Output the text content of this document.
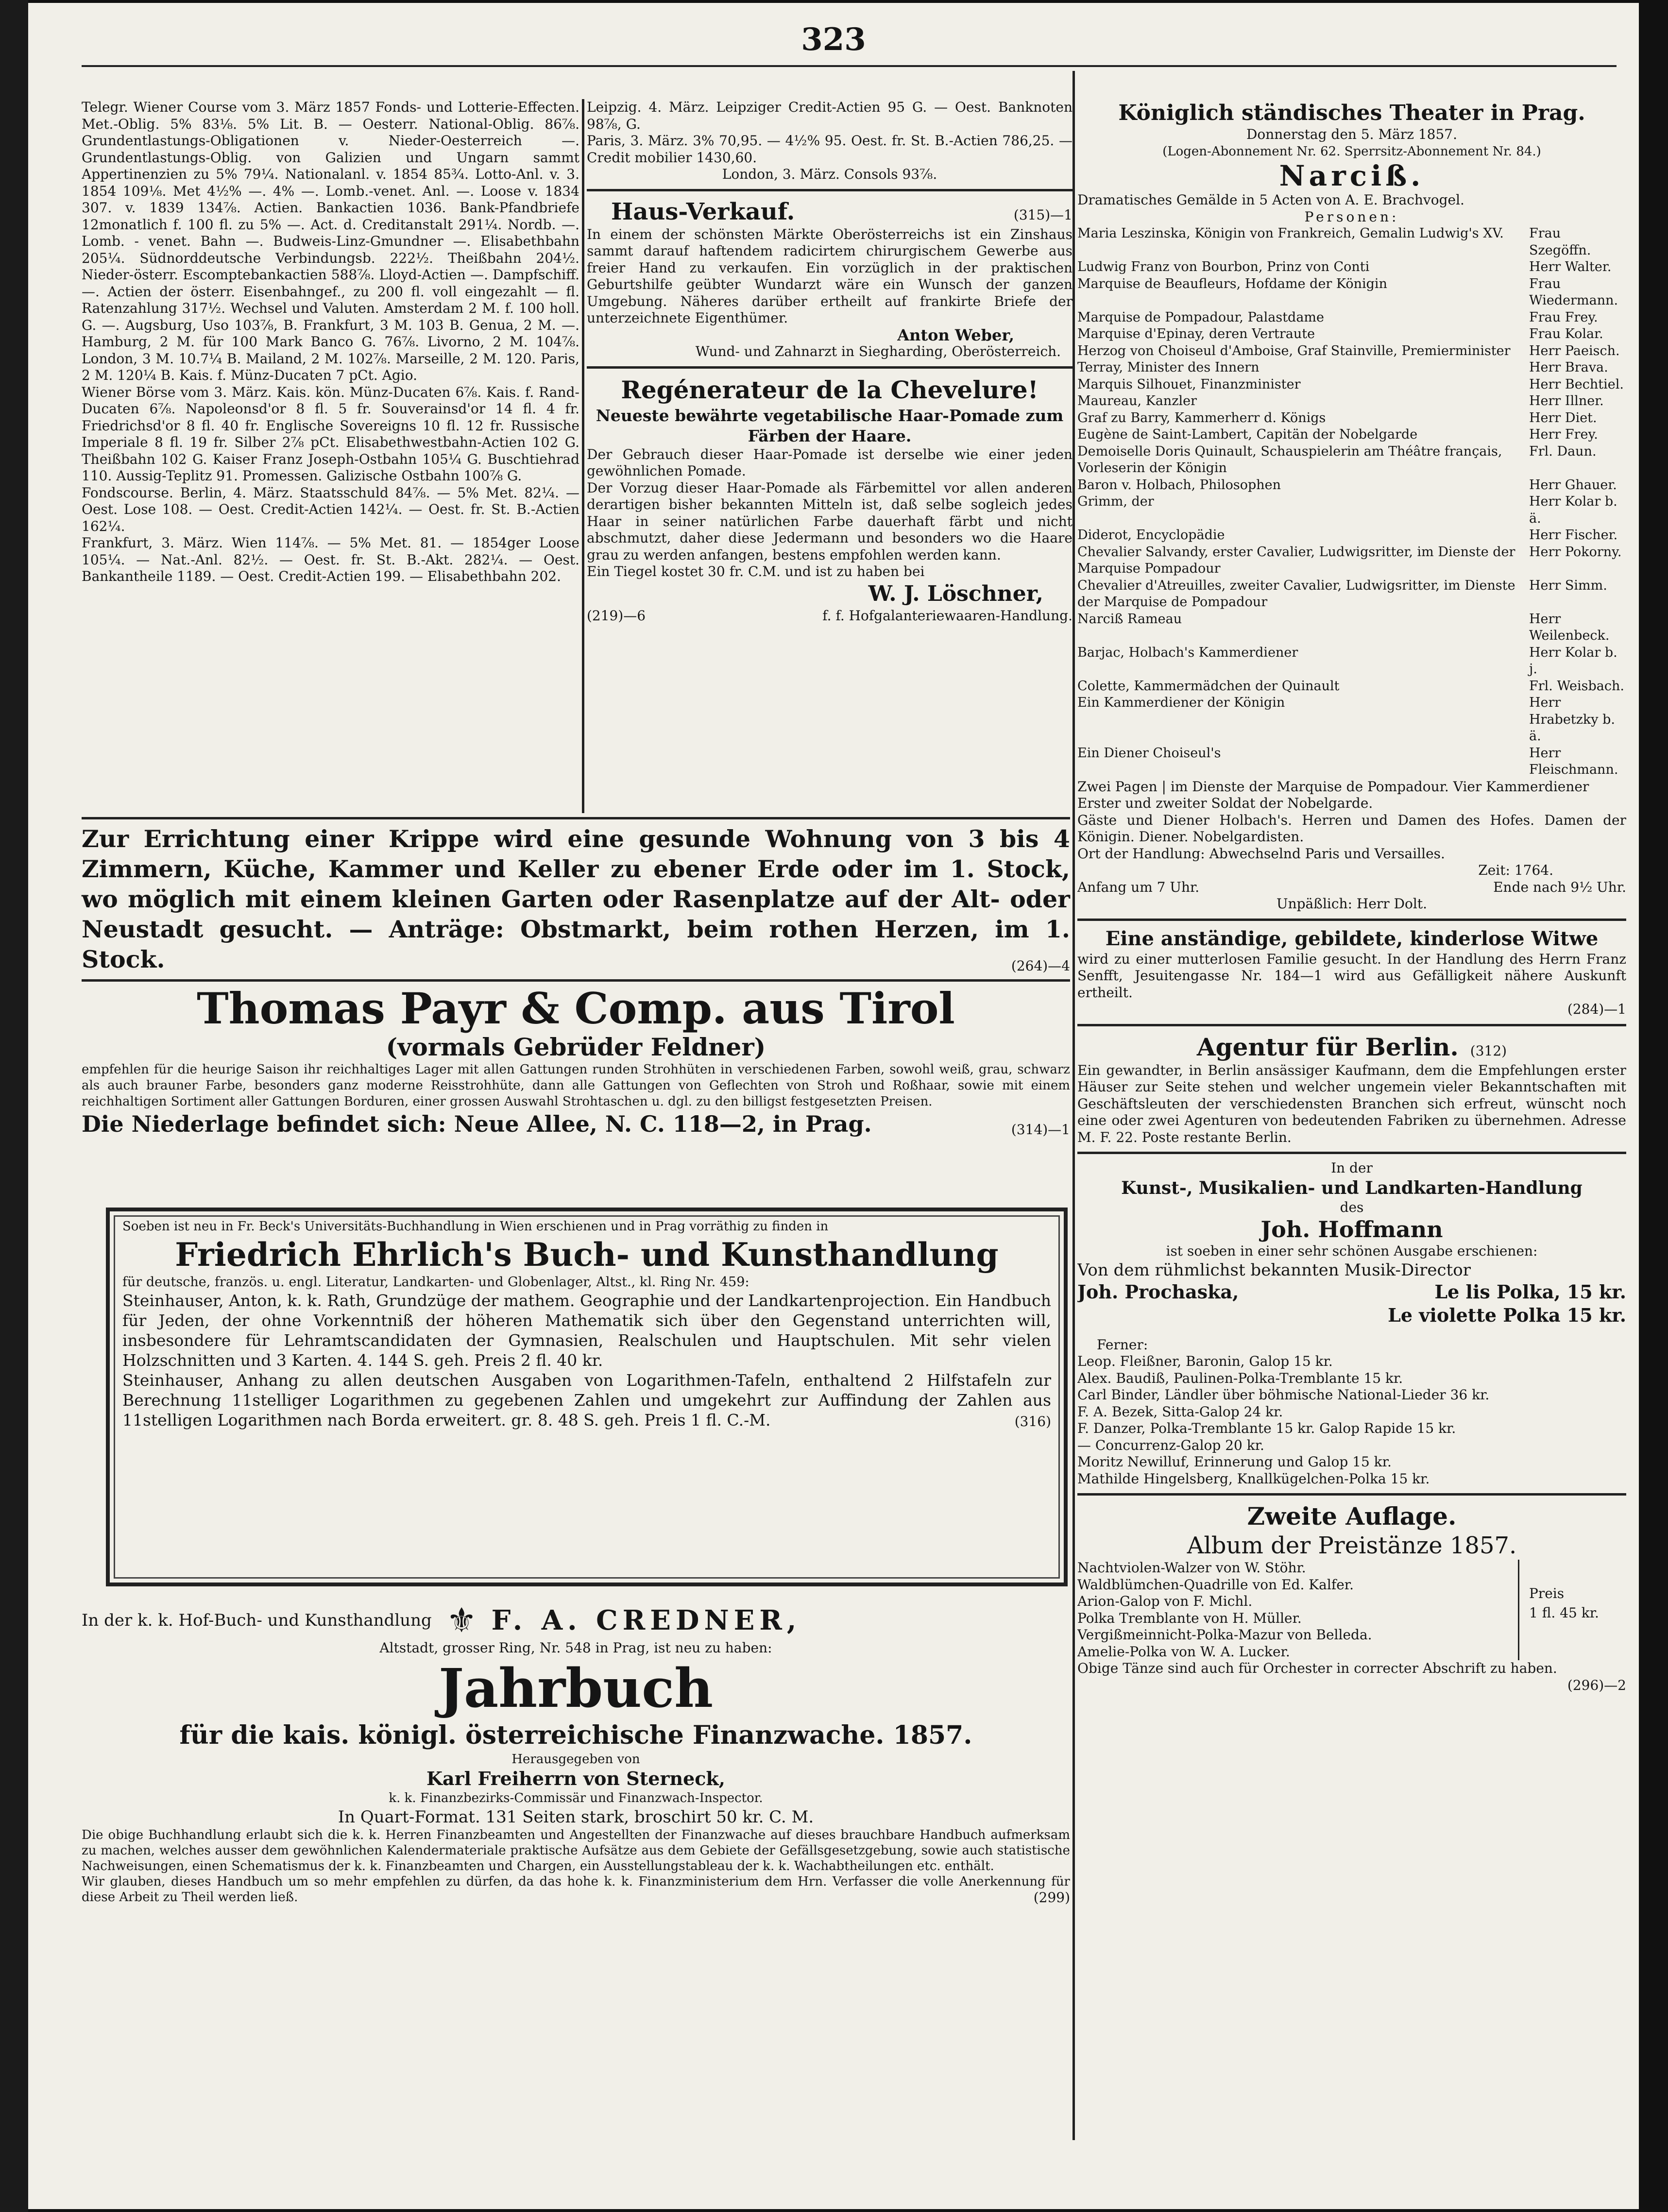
323

Telegr. Wiener Course vom 3. März 1857 Fonds- und Lotterie-Effecten. Met.-Oblig. 5% 83⅛. 5% Lit. B. — Oesterr. National-Oblig. 86⅞. Grundentlastungs-Obligationen v. Nieder-Oesterreich —. Grundentlastungs-Oblig. von Galizien und Ungarn sammt Appertinenzien zu 5% 79¼. Nationalanl. v. 1854 85¾. Lotto-Anl. v. 3. 1854 109⅛. Met 4½% —. 4% —. Lomb.-venet. Anl. —. Loose v. 1834 307. v. 1839 134⅞. Actien. Bankactien 1036. Bank-Pfandbriefe 12monatlich f. 100 fl. zu 5% —. Act. d. Creditanstalt 291¼. Nordb. —. Lomb. - venet. Bahn —. Budweis-Linz-Gmundner —. Elisabethbahn 205¼. Südnorddeutsche Verbindungsb. 222½. Theißbahn 204½. Nieder-österr. Escomptebankactien 588⅞. Lloyd-Actien —. Dampfschiff. —. Actien der österr. Eisenbahngef., zu 200 fl. voll eingezahlt — fl. Ratenzahlung 317½. Wechsel und Valuten. Amsterdam 2 M. f. 100 holl. G. —. Augsburg, Uso 103⅞, B. Frankfurt, 3 M. 103 B. Genua, 2 M. —. Hamburg, 2 M. für 100 Mark Banco G. 76⅞. Livorno, 2 M. 104⅞. London, 3 M. 10.7¼ B. Mailand, 2 M. 102⅞. Marseille, 2 M. 120. Paris, 2 M. 120¼ B. Kais. f. Münz-Ducaten 7 pCt. Agio.

Wiener Börse vom 3. März. Kais. kön. Münz-Ducaten 6⅞. Kais. f. Rand-Ducaten 6⅞. Napoleonsd'or 8 fl. 5 fr. Souverainsd'or 14 fl. 4 fr. Friedrichsd'or 8 fl. 40 fr. Englische Sovereigns 10 fl. 12 fr. Russische Imperiale 8 fl. 19 fr. Silber 2⅞ pCt. Elisabethwestbahn-Actien 102 G. Theißbahn 102 G. Kaiser Franz Joseph-Ostbahn 105¼ G. Buschtiehrad 110. Aussig-Teplitz 91. Promessen. Galizische Ostbahn 100⅞ G.

Fondscourse. Berlin, 4. März. Staatsschuld 84⅞. — 5% Met. 82¼. — Oest. Lose 108. — Oest. Credit-Actien 142¼. — Oest. fr. St. B.-Actien 162¼.

Frankfurt, 3. März. Wien 114⅞. — 5% Met. 81. — 1854ger Loose 105¼. — Nat.-Anl. 82½. — Oest. fr. St. B.-Akt. 282¼. — Oest. Bankantheile 1189. — Oest. Credit-Actien 199. — Elisabethbahn 202.

Leipzig. 4. März. Leipziger Credit-Actien 95 G. — Oest. Banknoten 98⅞, G.

Paris, 3. März. 3% 70,95. — 4½% 95. Oest. fr. St. B.-Actien 786,25. — Credit mobilier 1430,60.

London, 3. März. Consols 93⅞.

Haus-Verkauf.	(315)—1

In einem der schönsten Märkte Oberösterreichs ist ein Zinshaus sammt darauf haftendem radicirtem chirurgischem Gewerbe aus freier Hand zu verkaufen. Ein vorzüglich in der praktischen Geburtshilfe geübter Wundarzt wäre ein Wunsch der ganzen Umgebung. Näheres darüber ertheilt auf frankirte Briefe der unterzeichnete Eigenthümer.

Anton Weber,

Wund- und Zahnarzt in Siegharding, Oberösterreich.

Regénerateur de la Chevelure!

Neueste bewährte vegetabilische Haar-Pomade zum Färben der Haare.

Der Gebrauch dieser Haar-Pomade ist derselbe wie einer jeden gewöhnlichen Pomade.

Der Vorzug dieser Haar-Pomade als Färbemittel vor allen anderen derartigen bisher bekannten Mitteln ist, daß selbe sogleich jedes Haar in seiner natürlichen Farbe dauerhaft färbt und nicht abschmutzt, daher diese Jedermann und besonders wo die Haare grau zu werden anfangen, bestens empfohlen werden kann.

Ein Tiegel kostet 30 fr. C.M. und ist zu haben bei

W. J. Löschner,

(219)—6	f. f. Hofgalanteriewaaren-Handlung.

Zur Errichtung einer Krippe wird eine gesunde Wohnung von 3 bis 4 Zimmern, Küche, Kammer und Keller zu ebener Erde oder im 1. Stock, wo möglich mit einem kleinen Garten oder Rasenplatze auf der Alt- oder Neustadt gesucht. — Anträge: Obstmarkt, beim rothen Herzen, im 1. Stock.	(264)—4

Thomas Payr & Comp. aus Tirol

(vormals Gebrüder Feldner)

empfehlen für die heurige Saison ihr reichhaltiges Lager mit allen Gattungen runden Strohhüten in verschiedenen Farben, sowohl weiß, grau, schwarz als auch brauner Farbe, besonders ganz moderne Reisstrohhüte, dann alle Gattungen von Geflechten von Stroh und Roßhaar, sowie mit einem reichhaltigen Sortiment aller Gattungen Borduren, einer grossen Auswahl Strohtaschen u. dgl. zu den billigst festgesetzten Preisen.

Die Niederlage befindet sich: Neue Allee, N. C. 118—2, in Prag.	(314)—1

Soeben ist neu in Fr. Beck's Universitäts-Buchhandlung in Wien erschienen und in Prag vorräthig zu finden in

Friedrich Ehrlich's Buch- und Kunsthandlung

für deutsche, französ. u. engl. Literatur, Landkarten- und Globenlager, Altst., kl. Ring Nr. 459:

Steinhauser, Anton, k. k. Rath, Grundzüge der mathem. Geographie und der Landkartenprojection. Ein Handbuch für Jeden, der ohne Vorkenntniß der höheren Mathematik sich über den Gegenstand unterrichten will, insbesondere für Lehramtscandidaten der Gymnasien, Realschulen und Hauptschulen. Mit sehr vielen Holzschnitten und 3 Karten. 4. 144 S. geh. Preis 2 fl. 40 kr.

Steinhauser, Anhang zu allen deutschen Ausgaben von Logarithmen-Tafeln, enthaltend 2 Hilfstafeln zur Berechnung 11stelliger Logarithmen zu gegebenen Zahlen und umgekehrt zur Auffindung der Zahlen aus 11stelligen Logarithmen nach Borda erweitert. gr. 8. 48 S. geh. Preis 1 fl. C.-M.	(316)

In der k. k. Hof-Buch- und Kunsthandlung ⚜ F. A. CREDNER,

Altstadt, grosser Ring, Nr. 548 in Prag, ist neu zu haben:

Jahrbuch

für die kais. königl. österreichische Finanzwache. 1857.

Herausgegeben von

Karl Freiherrn von Sterneck,

k. k. Finanzbezirks-Commissär und Finanzwach-Inspector.

In Quart-Format. 131 Seiten stark, broschirt 50 kr. C. M.

Die obige Buchhandlung erlaubt sich die k. k. Herren Finanzbeamten und Angestellten der Finanzwache auf dieses brauchbare Handbuch aufmerksam zu machen, welches ausser dem gewöhnlichen Kalendermateriale praktische Aufsätze aus dem Gebiete der Gefällsgesetzgebung, sowie auch statistische Nachweisungen, einen Schematismus der k. k. Finanzbeamten und Chargen, ein Ausstellungstableau der k. k. Wachabtheilungen etc. enthält.

Wir glauben, dieses Handbuch um so mehr empfehlen zu dürfen, da das hohe k. k. Finanzministerium dem Hrn. Verfasser die volle Anerkennung für diese Arbeit zu Theil werden ließ.	(299)

Königlich ständisches Theater in Prag.

Donnerstag den 5. März 1857.

(Logen-Abonnement Nr. 62. Sperrsitz-Abonnement Nr. 84.)

Narciß.

Dramatisches Gemälde in 5 Acten von A. E. Brachvogel.

Personen:

Maria Leszinska, Königin von Frankreich, Gemalin Ludwig's XV. Frau Szegöffn.
Ludwig Franz von Bourbon, Prinz von Conti	Herr Walter.
Marquise de Beaufleurs, Hofdame der Königin	Frau Wiedermann.
Marquise de Pompadour, Palastdame	Frau Frey.
Marquise d'Epinay, deren Vertraute	Frau Kolar.
Herzog von Choiseul d'Amboise, Graf Stainville, Premierminister Herr Paeisch.
Terray, Minister des Innern	Herr Brava.
Marquis Silhouet, Finanzminister	Herr Bechtiel.
Maureau, Kanzler	Herr Illner.
Graf zu Barry, Kammerherr d. Königs	Herr Diet.
Eugène de Saint-Lambert, Capitän der Nobelgarde	Herr Frey.
Demoiselle Doris Quinault, Schauspielerin am Théâtre français, Vorleserin der Königin
Frl. Daun.
Baron v. Holbach, Philosophen	Herr Ghauer.
Grimm, der	Herr Kolar b. ä.
Diderot, Encyclopädie	Herr Fischer.
Chevalier Salvandy, erster Cavalier, Ludwigsritter, im Dienste der Marquise Pompadour
Herr Pokorny.
Chevalier d'Atreuilles, zweiter Cavalier, Ludwigsritter, im Dienste der Marquise de Pompadour
Herr Simm.
Narciß Rameau	Herr Weilenbeck.
Barjac, Holbach's Kammerdiener	Herr Kolar b. j.
Colette, Kammermädchen der Quinault	Frl. Weisbach.
Ein Kammerdiener der Königin	Herr Hrabetzky b. ä.
Ein Diener Choiseul's	Herr Fleischmann.

Zwei Pagen | im Dienste der Marquise de Pompadour. Vier Kammerdiener

Erster und zweiter Soldat der Nobelgarde.

Gäste und Diener Holbach's. Herren und Damen des Hofes. Damen der Königin. Diener. Nobelgardisten.

Ort der Handlung: Abwechselnd Paris und Versailles.

Zeit: 1764.

Anfang um 7 Uhr.	Ende nach 9½ Uhr.

Unpäßlich: Herr Dolt.

Eine anständige, gebildete, kinderlose Witwe

wird zu einer mutterlosen Familie gesucht. In der Handlung des Herrn Franz Senfft, Jesuitengasse Nr. 184—1 wird aus Gefälligkeit nähere Auskunft ertheilt.

(284)—1

Agentur für Berlin. (312)

Ein gewandter, in Berlin ansässiger Kaufmann, dem die Empfehlungen erster Häuser zur Seite stehen und welcher ungemein vieler Bekanntschaften mit Geschäftsleuten der verschiedensten Branchen sich erfreut, wünscht noch eine oder zwei Agenturen von bedeutenden Fabriken zu übernehmen. Adresse M. F. 22. Poste restante Berlin.

In der

Kunst-, Musikalien- und Landkarten-Handlung

des

Joh. Hoffmann

ist soeben in einer sehr schönen Ausgabe erschienen:

Von dem rühmlichst bekannten Musik-Director

Joh. Prochaska,	Le lis Polka, 15 kr.

Le violette Polka 15 kr.

Ferner:

Leop. Fleißner, Baronin, Galop 15 kr.

Alex. Baudiß, Paulinen-Polka-Tremblante 15 kr.

Carl Binder, Ländler über böhmische National-Lieder 36 kr.

F. A. Bezek, Sitta-Galop 24 kr.

F. Danzer, Polka-Tremblante 15 kr. Galop Rapide 15 kr.

— Concurrenz-Galop 20 kr.

Moritz Newilluf, Erinnerung und Galop 15 kr.

Mathilde Hingelsberg, Knallkügelchen-Polka 15 kr.

Zweite Auflage.

Album der Preistänze 1857.

Nachtviolen-Walzer von W. Stöhr.

Waldblümchen-Quadrille von Ed. Kalfer.

Arion-Galop von F. Michl.

Polka Tremblante von H. Müller.

Vergißmeinnicht-Polka-Mazur von Belleda.

Amelie-Polka von W. A. Lucker.

Preis
1 fl. 45 kr.

Obige Tänze sind auch für Orchester in correcter Abschrift zu haben.

(296)—2
